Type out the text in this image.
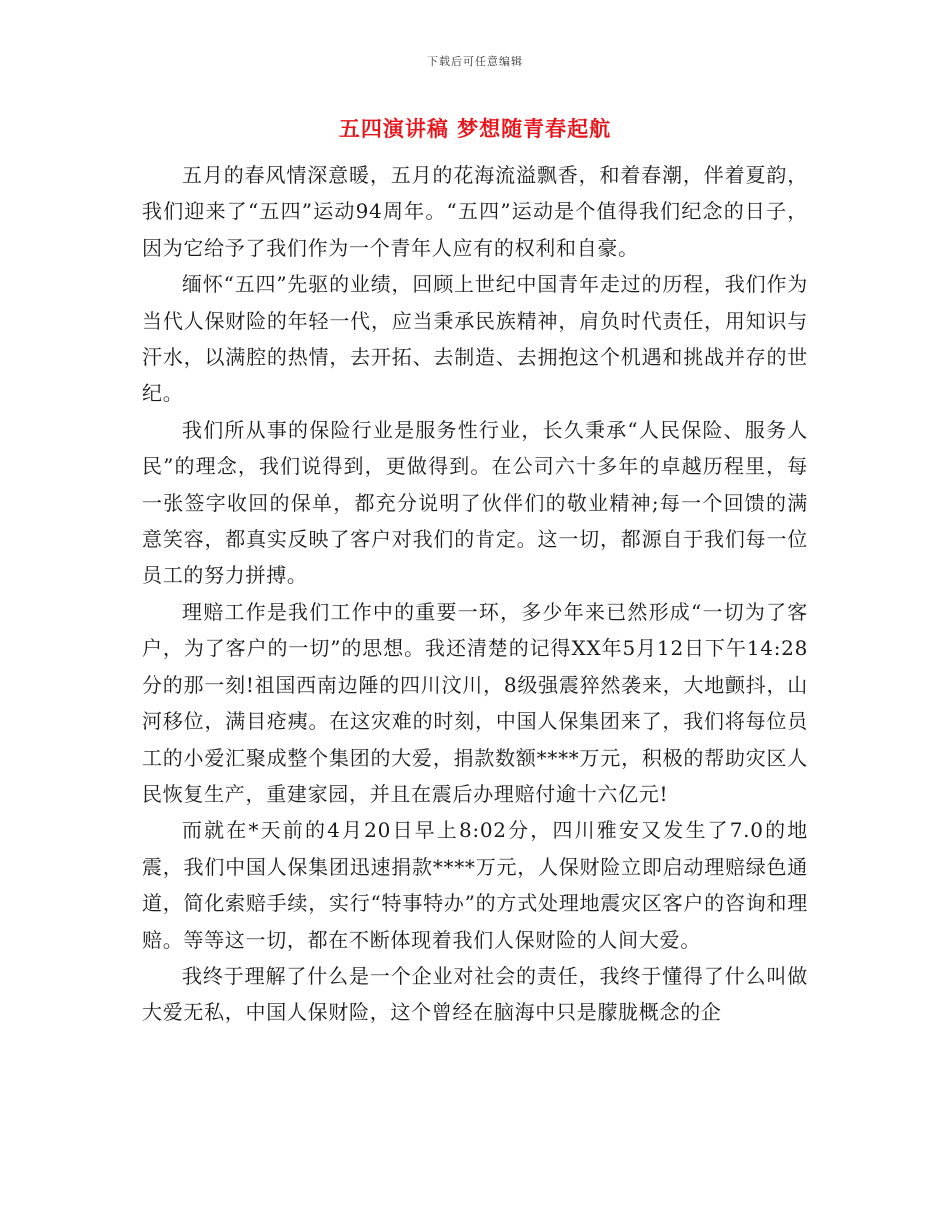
下载后可任意编辑
五四演讲稿 梦想随青春起航

五月的春风情深意暖，五月的花海流溢飘香，和着春潮，伴着夏韵，我们迎来了“五四”运动94周年。“五四”运动是个值得我们纪念的日子，因为它给予了我们作为一个青年人应有的权利和自豪。

缅怀“五四”先驱的业绩，回顾上世纪中国青年走过的历程，我们作为当代人保财险的年轻一代，应当秉承民族精神，肩负时代责任，用知识与汗水，以满腔的热情，去开拓、去制造、去拥抱这个机遇和挑战并存的世纪。

我们所从事的保险行业是服务性行业，长久秉承“人民保险、服务人民”的理念，我们说得到，更做得到。在公司六十多年的卓越历程里，每一张签字收回的保单，都充分说明了伙伴们的敬业精神;每一个回馈的满意笑容，都真实反映了客户对我们的肯定。这一切，都源自于我们每一位员工的努力拼搏。

理赔工作是我们工作中的重要一环，多少年来已然形成“一切为了客户，为了客户的一切”的思想。我还清楚的记得XX年5月12日下午14:28分的那一刻!祖国西南边陲的四川汶川，8级强震猝然袭来，大地颤抖，山河移位，满目疮痍。在这灾难的时刻，中国人保集团来了，我们将每位员工的小爱汇聚成整个集团的大爱，捐款数额****万元，积极的帮助灾区人民恢复生产，重建家园，并且在震后办理赔付逾十六亿元!

而就在*天前的4月20日早上8:02分，四川雅安又发生了7.0的地震，我们中国人保集团迅速捐款****万元，人保财险立即启动理赔绿色通道，简化索赔手续，实行“特事特办”的方式处理地震灾区客户的咨询和理赔。等等这一切，都在不断体现着我们人保财险的人间大爱。

我终于理解了什么是一个企业对社会的责任，我终于懂得了什么叫做大爱无私，中国人保财险，这个曾经在脑海中只是朦胧概念的企
